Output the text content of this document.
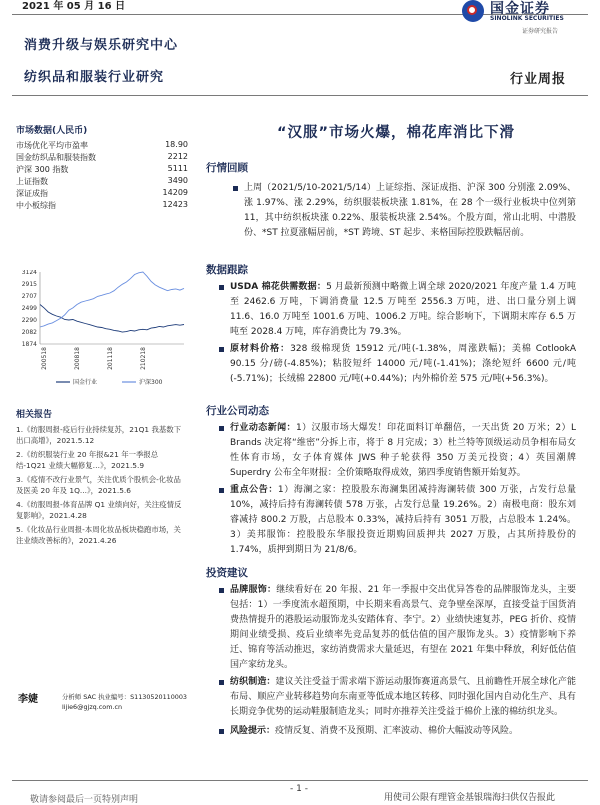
2021 年 05 月 16 日
消费升级与娱乐研究中心
纺织品和服装行业研究	行业周报
国金证券
SINOLINK SECURITIES
证券研究报告
市场数据(人民币)
市场优化平均市盈率	18.90
国金纺织品和服装指数	2212
沪深 300 指数	5111
上证指数	3490
深证成指	14209
中小板综指	12423
3124
2915
2707
2499
2290
2082
1874
200518	200818	201118	210218
国金行业	沪深300
相关报告
1.《纺服周报-疫后行业持续复苏，21Q1 我基数下出口高增》，2021.5.12
2.《纺织服装行业 20 年报&21 年一季报总结-1Q21 业绩大幅修复…》，2021.5.9
3.《疫情不改行业景气，关注优质个股机会-化妆品及医美 20 年及 1Q...》，2021.5.6
4.《纺服周报-体育品牌 Q1 业绩向好，关注疫情反复影响》，2021.4.28
5.《化妆品行业周报-本周化妆品板块稳跑市场，关注业绩改善标的》，2021.4.26
李婕	分析师 SAC 执业编号：S1130520110003
lijie6@gjzq.com.cn
“汉服”市场火爆，棉花库消比下滑
行情回顾
上周（2021/5/10-2021/5/14）上证综指、深证成指、沪深 300 分别涨 2.09%、涨 1.97%、涨 2.29%，纺织服装板块涨 1.81%，在 28 个一级行业板块中位列第 11，其中纺织板块涨 0.22%、服装板块涨 2.54%。个股方面，常山北明、中潜股份、*ST 拉夏涨幅居前，*ST 跨境、ST 起步、来格国际控股跌幅居前。
数据跟踪
USDA 棉花供需数据：5 月最新预测中略微上调全球 2020/2021 年度产量 1.4 万吨至 2462.6 万吨，下调消费量 12.5 万吨至 2556.3 万吨，进、出口量分别上调 11.6、16.0 万吨至 1001.6 万吨、1006.2 万吨。综合影响下，下调期末库存 6.5 万吨至 2028.4 万吨，库存消费比为 79.3%。
原材料价格：328 级棉现货 15912 元/吨(-1.38%，周涨跌幅)；美棉 CotlookA 90.15 分/磅(-4.85%)；粘胶短纤 14000 元/吨(-1.41%)；涤纶短纤 6600 元/吨(-5.71%)；长绒棉 22800 元/吨(+0.44%)；内外棉价差 575 元/吨(+56.3%)。
行业公司动态
行业动态新闻：1）汉服市场大爆发！印花面料订单翻倍，一天出货 20 万米；2）L Brands 决定将“维密”分拆上市，将于 8 月完成；3）杜兰特等顶级运动员争相布局女性体育市场，女子体育媒体 JWS 种子轮获得 350 万美元投资；4）英国潮牌 Superdry 公布全年财报：全价策略取得成效，第四季度销售额开始复苏。
重点公告：1）海澜之家：控股股东海澜集团减持海澜转债 300 万张，占发行总量 10%，减持后持有海澜转债 578 万张，占发行总量 19.26%。2）南极电商：股东刘睿减持 800.2 万股，占总股本 0.33%，减持后持有 3051 万股，占总股本 1.24%。3）美邦服饰：控股股东华服投资近期购回质押共 2027 万股，占其所持股份的 1.74%，质押到期日为 21/8/6。
投资建议
品牌服饰：继续看好在 20 年报、21 年一季报中交出优异答卷的品牌服饰龙头，主要包括：1）一季度流水超预期，中长期来看高景气、竞争壁垒深厚，直接受益于国货消费热情提升的港股运动服饰龙头安踏体育、李宁。2）业绩快速复苏，PEG 折价、疫情期间业绩受损、疫后业绩率先竞品复苏的低估值的国产服饰龙头。3）疫情影响下养迁、锦育等活动推迟，家纺消费需求大量延迟，有望在 2021 年集中释放，利好低估值国产家纺龙头。
纺织制造：建议关注受益于需求端下游运动服饰赛道高景气、且前瞻性开展全球化产能布局、顺应产业转移趋势向东南亚等低成本地区转移、同时强化国内自动化生产、具有长期竞争优势的运动鞋服制造龙头；同时亦推荐关注受益于棉价上涨的棉纺织龙头。
风险提示：疫情反复、消费不及预期、汇率波动、棉价大幅波动等风险。
敬请参阅最后一页特别声明
- 1 -
用使司公限有理管金基银瑞海扫供仅告报此
